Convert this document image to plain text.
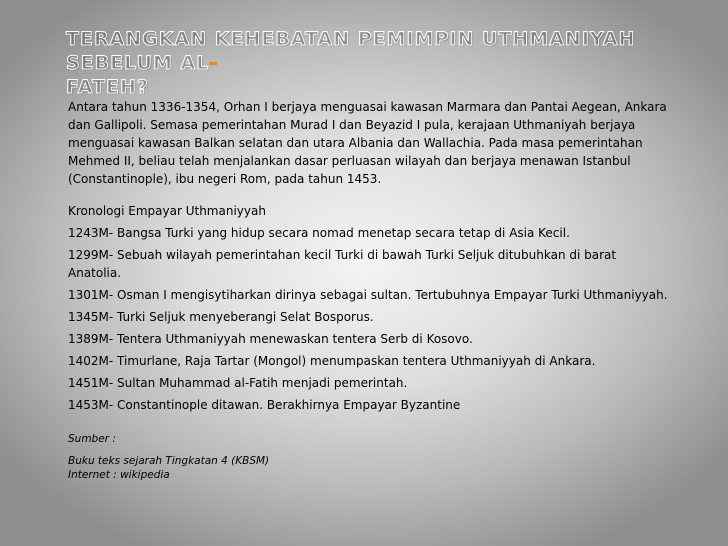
TERANGKAN KEHEBATAN PEMIMPIN UTHMANIYAH SEBELUM AL
FATEH?

Antara tahun 1336-1354, Orhan I berjaya menguasai kawasan Marmara dan Pantai Aegean, Ankara dan Gallipoli. Semasa pemerintahan Murad I dan Beyazid I pula, kerajaan Uthmaniyah berjaya menguasai kawasan Balkan selatan dan utara Albania dan Wallachia. Pada masa pemerintahan Mehmed II, beliau telah menjalankan dasar perluasan wilayah dan berjaya menawan Istanbul (Constantinople), ibu negeri Rom, pada tahun 1453.

Kronologi Empayar Uthmaniyyah

1243M- Bangsa Turki yang hidup secara nomad menetap secara tetap di Asia Kecil.

1299M- Sebuah wilayah pemerintahan kecil Turki di bawah Turki Seljuk ditubuhkan di barat Anatolia.

1301M- Osman I mengisytiharkan dirinya sebagai sultan. Tertubuhnya Empayar Turki Uthmaniyyah.

1345M- Turki Seljuk menyeberangi Selat Bosporus.

1389M- Tentera Uthmaniyyah menewaskan tentera Serb di Kosovo.

1402M- Timurlane, Raja Tartar (Mongol) menumpaskan tentera Uthmaniyyah di Ankara.

1451M- Sultan Muhammad al-Fatih menjadi pemerintah.

1453M- Constantinople ditawan. Berakhirnya Empayar Byzantine

Sumber :

Buku teks sejarah Tingkatan 4 (KBSM)

Internet : wikipedia
